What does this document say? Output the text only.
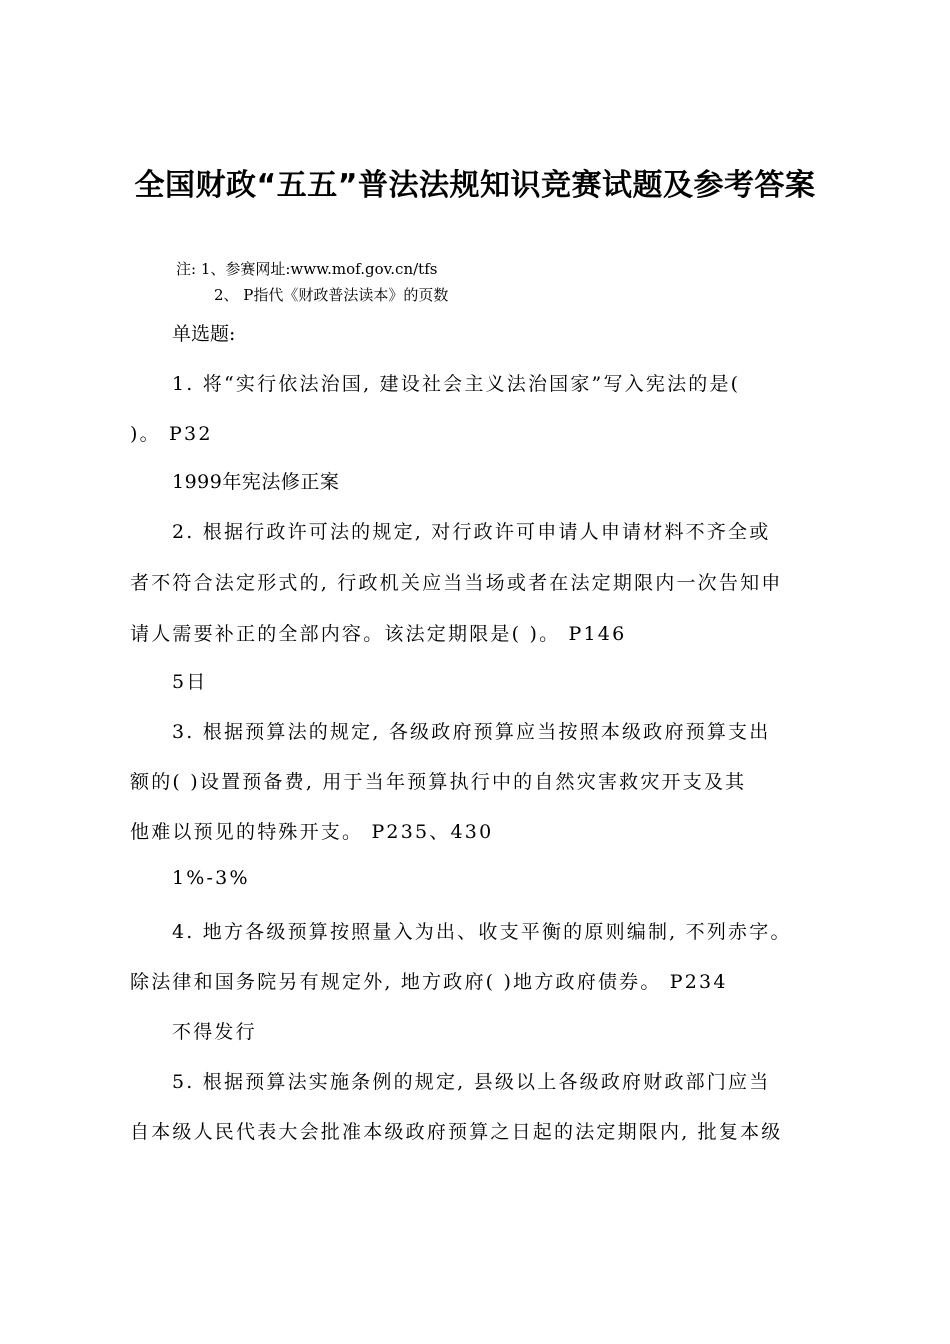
全国财政“五五”普法法规知识竞赛试题及参考答案
注: 1、参赛网址:www.mof.gov.cn/tfs
2、 P指代《财政普法读本》的页数
单选题:
1. 将“实行依法治国, 建设社会主义法治国家”写入宪法的是(
)。 P32
1999年宪法修正案
2. 根据行政许可法的规定, 对行政许可申请人申请材料不齐全或
者不符合法定形式的, 行政机关应当当场或者在法定期限内一次告知申
请人需要补正的全部内容。该法定期限是( )。 P146
5日
3. 根据预算法的规定, 各级政府预算应当按照本级政府预算支出
额的( )设置预备费, 用于当年预算执行中的自然灾害救灾开支及其
他难以预见的特殊开支。 P235、430
1%-3%
4. 地方各级预算按照量入为出、收支平衡的原则编制, 不列赤字。
除法律和国务院另有规定外, 地方政府( )地方政府债券。 P234
不得发行
5. 根据预算法实施条例的规定, 县级以上各级政府财政部门应当
自本级人民代表大会批准本级政府预算之日起的法定期限内, 批复本级
